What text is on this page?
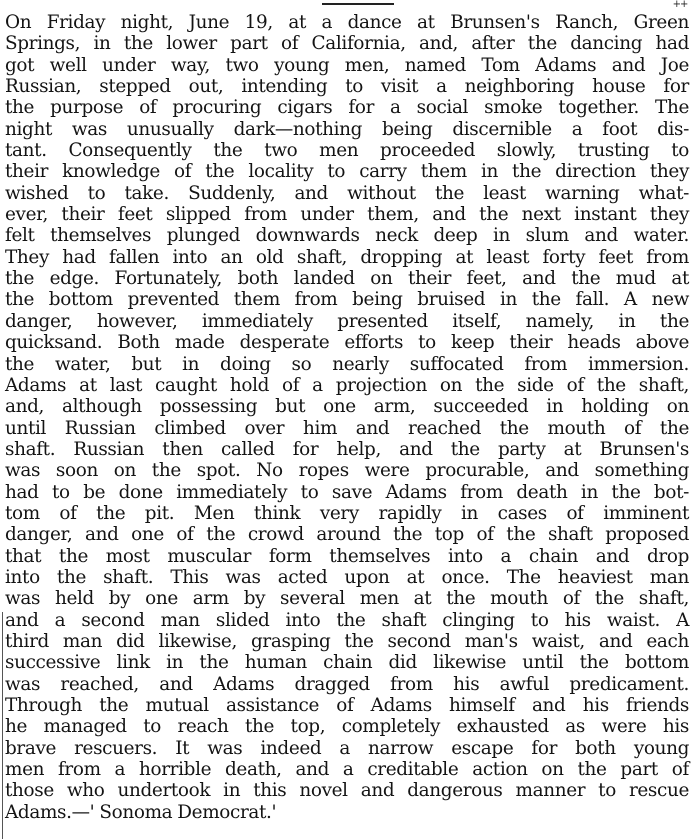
++
On Friday night, June 19, at a dance at Brunsen's Ranch, Green
Springs, in the lower part of California, and, after the dancing had
got well under way, two young men, named Tom Adams and Joe
Russian, stepped out, intending to visit a neighboring house for
the purpose of procuring cigars for a social smoke together. The
night was unusually dark—nothing being discernible a foot dis-
tant. Consequently the two men proceeded slowly, trusting to
their knowledge of the locality to carry them in the direction they
wished to take. Suddenly, and without the least warning what-
ever, their feet slipped from under them, and the next instant they
felt themselves plunged downwards neck deep in slum and water.
They had fallen into an old shaft, dropping at least forty feet from
the edge. Fortunately, both landed on their feet, and the mud at
the bottom prevented them from being bruised in the fall. A new
danger, however, immediately presented itself, namely, in the
quicksand. Both made desperate efforts to keep their heads above
the water, but in doing so nearly suffocated from immersion.
Adams at last caught hold of a projection on the side of the shaft,
and, although possessing but one arm, succeeded in holding on
until Russian climbed over him and reached the mouth of the
shaft. Russian then called for help, and the party at Brunsen's
was soon on the spot. No ropes were procurable, and something
had to be done immediately to save Adams from death in the bot-
tom of the pit. Men think very rapidly in cases of imminent
danger, and one of the crowd around the top of the shaft proposed
that the most muscular form themselves into a chain and drop
into the shaft. This was acted upon at once. The heaviest man
was held by one arm by several men at the mouth of the shaft,
and a second man slided into the shaft clinging to his waist. A
third man did likewise, grasping the second man's waist, and each
successive link in the human chain did likewise until the bottom
was reached, and Adams dragged from his awful predicament.
Through the mutual assistance of Adams himself and his friends
he managed to reach the top, completely exhausted as were his
brave rescuers. It was indeed a narrow escape for both young
men from a horrible death, and a creditable action on the part of
those who undertook in this novel and dangerous manner to rescue
Adams.—' Sonoma Democrat.'
